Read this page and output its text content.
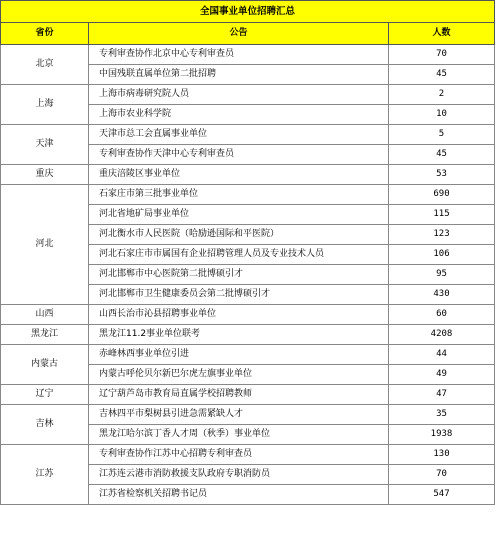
全国事业单位招聘汇总		
省份	公告	人数
北京	专利审查协作北京中心专利审查员	70
	中国残联直属单位第二批招聘	45
上海	上海市病毒研究院人员	2
	上海市农业科学院	10
天津	天津市总工会直属事业单位	5
	专利审查协作天津中心专利审查员	45
重庆	重庆涪陵区事业单位	53
河北	石家庄市第三批事业单位	690
	河北省地矿局事业单位	115
	河北衡水市人民医院（哈励逊国际和平医院）	123
	河北石家庄市市属国有企业招聘管理人员及专业技术人员	106
	河北邯郸市中心医院第二批博硕引才	95
	河北邯郸市卫生健康委员会第二批博硕引才	430
山西	山西长治市沁县招聘事业单位	60
黑龙江	黑龙江11.2事业单位联考	4208
内蒙古	赤峰林西事业单位引进	44
	内蒙古呼伦贝尔新巴尔虎左旗事业单位	49
辽宁	辽宁葫芦岛市教育局直属学校招聘教师	47
吉林	吉林四平市梨树县引进急需紧缺人才	35
	黑龙江哈尔滨丁香人才周（秋季）事业单位	1938
江苏	专利审查协作江苏中心招聘专利审查员	130
	江苏连云港市消防救援支队政府专职消防员	70
	江苏省检察机关招聘书记员	547
